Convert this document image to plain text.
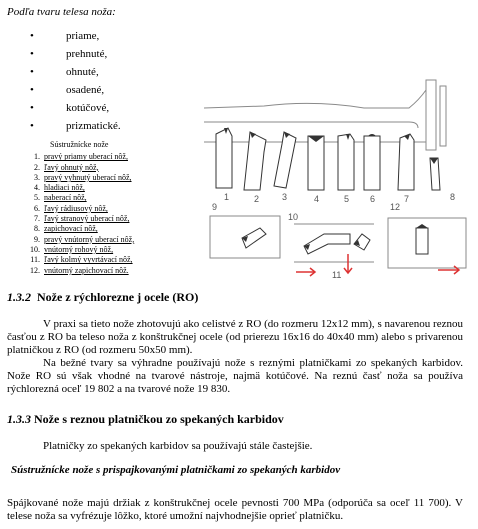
Podľa tvaru telesa noža:
• priame,
• prehnuté,
• ohnuté,
• osadené,
• kotúčové,
• prizmatické.
Sústružnícke nože
1. pravý priamy uberací nôž,
2. ľavý ohnutý nôž,
3. pravý vyhnutý uberací nôž,
4. hladiaci nôž,
5. naberací nôž,
6. ľavý rádiusový nôž,
7. ľavý stranový uberací nôž,
8. zapichovací nôž,
9. pravý vnútorný uberací nôž,
10. vnútorný rohový nôž,
11. ľavý kolmý vyvrtávací nôž,
12. vnútorný zapichovací nôž.
1	2	3	4	5 6	7	8
9
10
11
12
1.3.2 Nože z rýchlorezne j ocele (RO)
V praxi sa tieto nože zhotovujú ako celistvé z RO (do rozmeru 12x12 mm), s navarenou reznou časťou z RO ba teleso noža z konštrukčnej ocele (od prierezu 16x16 do 40x40 mm) alebo s privarenou platničkou z RO (od rozmeru 50x50 mm).
Na bežné tvary sa výhradne používajú nože s reznými platničkami zo spekaných karbidov. Nože RO sú však vhodné na tvarové nástroje, najmä kotúčové. Na reznú časť noža sa používa rýchlorezná oceľ 19 802 a na tvarové nože 19 830.
1.3.3 Nože s reznou platničkou zo spekaných karbidov
Platničky zo spekaných karbidov sa používajú stále častejšie.
Sústružnícke nože s prispajkovanými platničkami zo spekaných karbidov
Spájkované nože majú držiak z konštrukčnej ocele pevnosti 700 MPa (odporúča sa oceľ 11 700). V telese noža sa vyfrézuje lôžko, ktoré umožní najvhodnejšie oprieť platničku.
